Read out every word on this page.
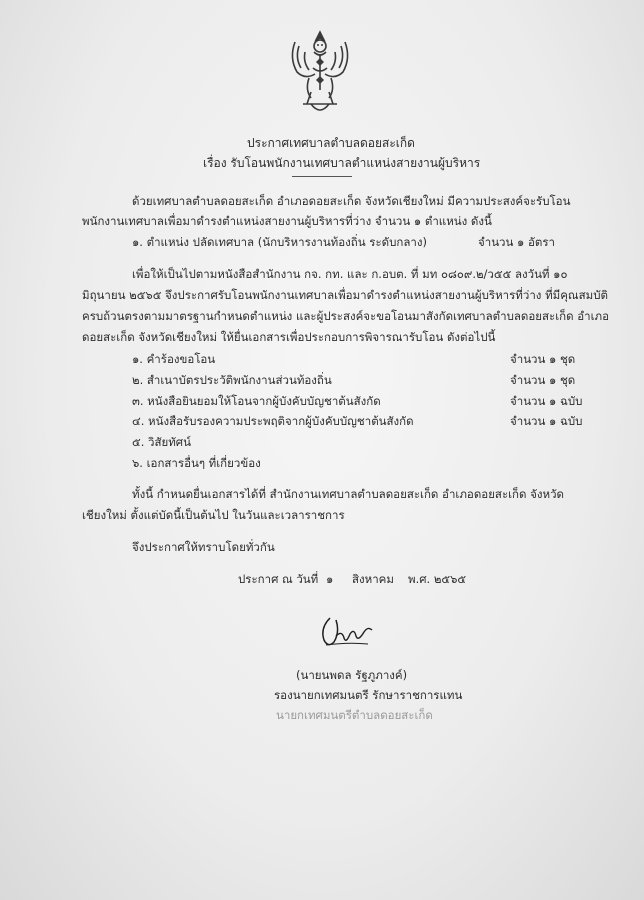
ประกาศเทศบาลตำบลดอยสะเก็ด
เรื่อง รับโอนพนักงานเทศบาลตำแหน่งสายงานผู้บริหาร
ด้วยเทศบาลตำบลดอยสะเก็ด อำเภอดอยสะเก็ด จังหวัดเชียงใหม่ มีความประสงค์จะรับโอน
พนักงานเทศบาลเพื่อมาดำรงตำแหน่งสายงานผู้บริหารที่ว่าง จำนวน ๑ ตำแหน่ง ดังนี้
๑. ตำแหน่ง ปลัดเทศบาล (นักบริหารงานท้องถิ่น ระดับกลาง)	จำนวน ๑ อัตรา
เพื่อให้เป็นไปตามหนังสือสำนักงาน กจ. กท. และ ก.อบต. ที่ มท ๐๘๐๙.๒/ว๕๕ ลงวันที่ ๑๐
มิถุนายน ๒๕๖๕ จึงประกาศรับโอนพนักงานเทศบาลเพื่อมาดำรงตำแหน่งสายงานผู้บริหารที่ว่าง ที่มีคุณสมบัติ
ครบถ้วนตรงตามมาตรฐานกำหนดตำแหน่ง และผู้ประสงค์จะขอโอนมาสังกัดเทศบาลตำบลดอยสะเก็ด อำเภอ
ดอยสะเก็ด จังหวัดเชียงใหม่ ให้ยื่นเอกสารเพื่อประกอบการพิจารณารับโอน ดังต่อไปนี้
๑. คำร้องขอโอน	จำนวน ๑ ชุด
๒. สำเนาบัตรประวัติพนักงานส่วนท้องถิ่น	จำนวน ๑ ชุด
๓. หนังสือยินยอมให้โอนจากผู้บังคับบัญชาต้นสังกัด	จำนวน ๑ ฉบับ
๔. หนังสือรับรองความประพฤติจากผู้บังคับบัญชาต้นสังกัด	จำนวน ๑ ฉบับ
๕. วิสัยทัศน์
๖. เอกสารอื่นๆ ที่เกี่ยวข้อง
ทั้งนี้ กำหนดยื่นเอกสารได้ที่ สำนักงานเทศบาลตำบลดอยสะเก็ด อำเภอดอยสะเก็ด จังหวัด
เชียงใหม่ ตั้งแต่บัดนี้เป็นต้นไป ในวันและเวลาราชการ
จึงประกาศให้ทราบโดยทั่วกัน
ประกาศ ณ วันที่ ๑ สิงหาคม พ.ศ. ๒๕๖๕
(นายนพดล รัฐภูภางค์)
รองนายกเทศมนตรี รักษาราชการแทน
นายกเทศมนตรีตำบลดอยสะเก็ด
